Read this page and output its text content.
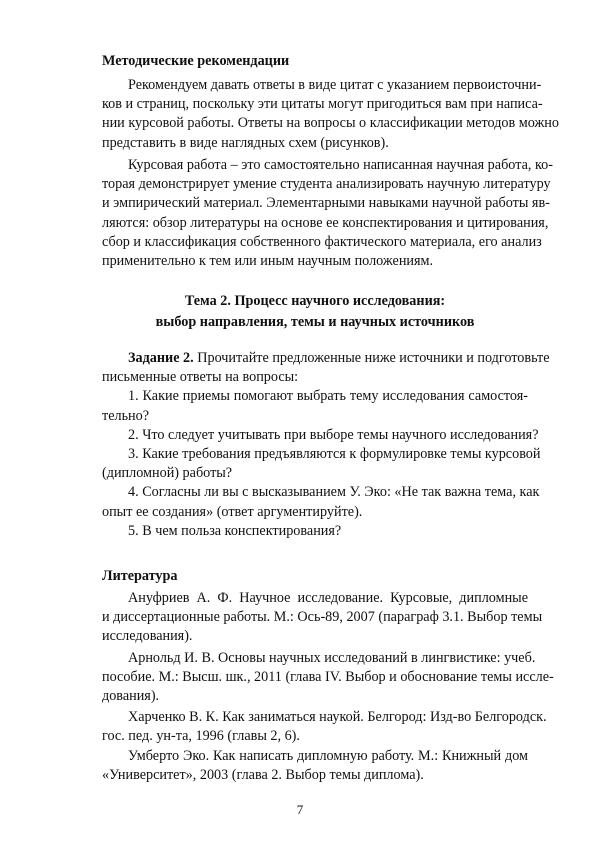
Методические рекомендации
Рекомендуем давать ответы в виде цитат с указанием первоисточни-
ков и страниц, поскольку эти цитаты могут пригодиться вам при написа-
нии курсовой работы. Ответы на вопросы о классификации методов можно
представить в виде наглядных схем (рисунков).
Курсовая работа – это самостоятельно написанная научная работа, ко-
торая демонстрирует умение студента анализировать научную литературу
и эмпирический материал. Элементарными навыками научной работы яв-
ляются: обзор литературы на основе ее конспектирования и цитирования,
сбор и классификация собственного фактического материала, его анализ
применительно к тем или иным научным положениям.
Тема 2. Процесс научного исследования:
выбор направления, темы и научных источников
Задание 2. Прочитайте предложенные ниже источники и подготовьте
письменные ответы на вопросы:
1. Какие приемы помогают выбрать тему исследования самостоя-
тельно?
2. Что следует учитывать при выборе темы научного исследования?
3. Какие требования предъявляются к формулировке темы курсовой
(дипломной) работы?
4. Согласны ли вы с высказыванием У. Эко: «Не так важна тема, как
опыт ее создания» (ответ аргументируйте).
5. В чем польза конспектирования?
Литература
Ануфриев А. Ф. Научное исследование. Курсовые, дипломные
и диссертационные работы. М.: Ось-89, 2007 (параграф 3.1. Выбор темы
исследования).
Арнольд И. В. Основы научных исследований в лингвистике: учеб.
пособие. М.: Высш. шк., 2011 (глава IV. Выбор и обоснование темы иссле-
дования).
Харченко В. К. Как заниматься наукой. Белгород: Изд-во Белгородск.
гос. пед. ун-та, 1996 (главы 2, 6).
Умберто Эко. Как написать дипломную работу. М.: Книжный дом
«Университет», 2003 (глава 2. Выбор темы диплома).
7
